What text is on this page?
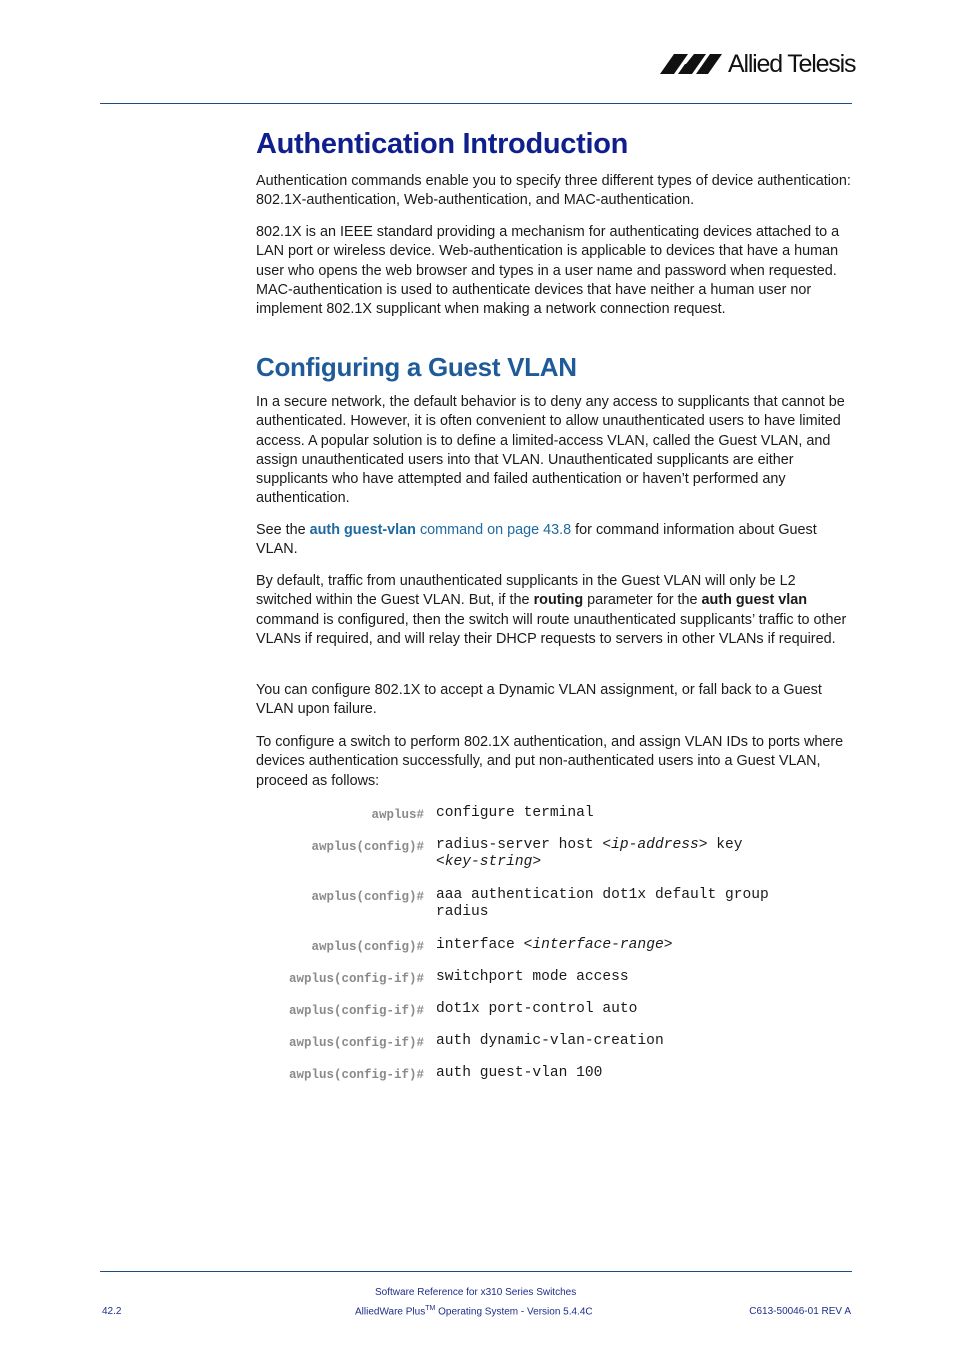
Allied Telesis
Authentication Introduction

Authentication commands enable you to specify three different types of device authentication: 802.1X-authentication, Web-authentication, and MAC-authentication.

802.1X is an IEEE standard providing a mechanism for authenticating devices attached to a LAN port or wireless device. Web-authentication is applicable to devices that have a human user who opens the web browser and types in a user name and password when requested. MAC-authentication is used to authenticate devices that have neither a human user nor implement 802.1X supplicant when making a network connection request.

Configuring a Guest VLAN

In a secure network, the default behavior is to deny any access to supplicants that cannot be authenticated. However, it is often convenient to allow unauthenticated users to have limited access. A popular solution is to define a limited-access VLAN, called the Guest VLAN, and assign unauthenticated users into that VLAN. Unauthenticated supplicants are either supplicants who have attempted and failed authentication or haven’t performed any authentication.

See the auth guest-vlan command on page 43.8 for command information about Guest VLAN.

By default, traffic from unauthenticated supplicants in the Guest VLAN will only be L2 switched within the Guest VLAN. But, if the routing parameter for the auth guest vlan command is configured, then the switch will route unauthenticated supplicants’ traffic to other VLANs if required, and will relay their DHCP requests to servers in other VLANs if required.

You can configure 802.1X to accept a Dynamic VLAN assignment, or fall back to a Guest VLAN upon failure.

To configure a switch to perform 802.1X authentication, and assign VLAN IDs to ports where devices authentication successfully, and put non-authenticated users into a Guest VLAN, proceed as follows:

awplus# configure terminal
awplus(config)# radius-server host <ip-address> key
<key-string>
awplus(config)# aaa authentication dot1x default group
radius
awplus(config)# interface <interface-range>
awplus(config-if)# switchport mode access
awplus(config-if)# dot1x port-control auto
awplus(config-if)# auth dynamic-vlan-creation
awplus(config-if)# auth guest-vlan 100
Software Reference for x310 Series Switches
AlliedWare Plus™ Operating System - Version 5.4.4C
42.2	C613-50046-01 REV A
